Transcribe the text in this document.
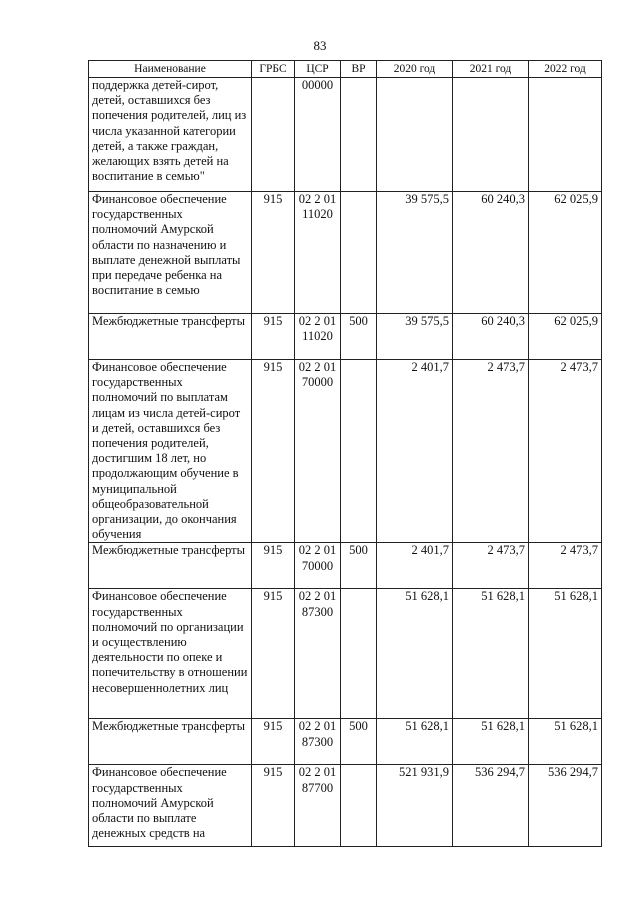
83
Наименование	ГРБС	ЦСР	ВР	2020 год	2021 год	2022 год
поддержка детей-сирот, детей, оставшихся без попечения родителей, лиц из числа указанной категории детей, а также граждан, желающих взять детей на воспитание в семью"		00000				
Финансовое обеспечение государственных полномочий Амурской области по назначению и выплате денежной выплаты при передаче ребенка на воспитание в семью	915	02 2 01 11020		39 575,5	60 240,3	62 025,9
Межбюджетные трансферты	915	02 2 01 11020	500	39 575,5	60 240,3	62 025,9
Финансовое обеспечение государственных полномочий по выплатам лицам из числа детей-сирот и детей, оставшихся без попечения родителей, достигшим 18 лет, но продолжающим обучение в муниципальной общеобразовательной организации, до окончания обучения	915	02 2 01 70000		2 401,7	2 473,7	2 473,7
Межбюджетные трансферты	915	02 2 01 70000	500	2 401,7	2 473,7	2 473,7
Финансовое обеспечение государственных полномочий по организации и осуществлению деятельности по опеке и попечительству в отношении несовершеннолетних лиц	915	02 2 01 87300		51 628,1	51 628,1	51 628,1
Межбюджетные трансферты	915	02 2 01 87300	500	51 628,1	51 628,1	51 628,1
Финансовое обеспечение государственных полномочий Амурской области по выплате денежных средств на	915	02 2 01 87700		521 931,9	536 294,7	536 294,7
